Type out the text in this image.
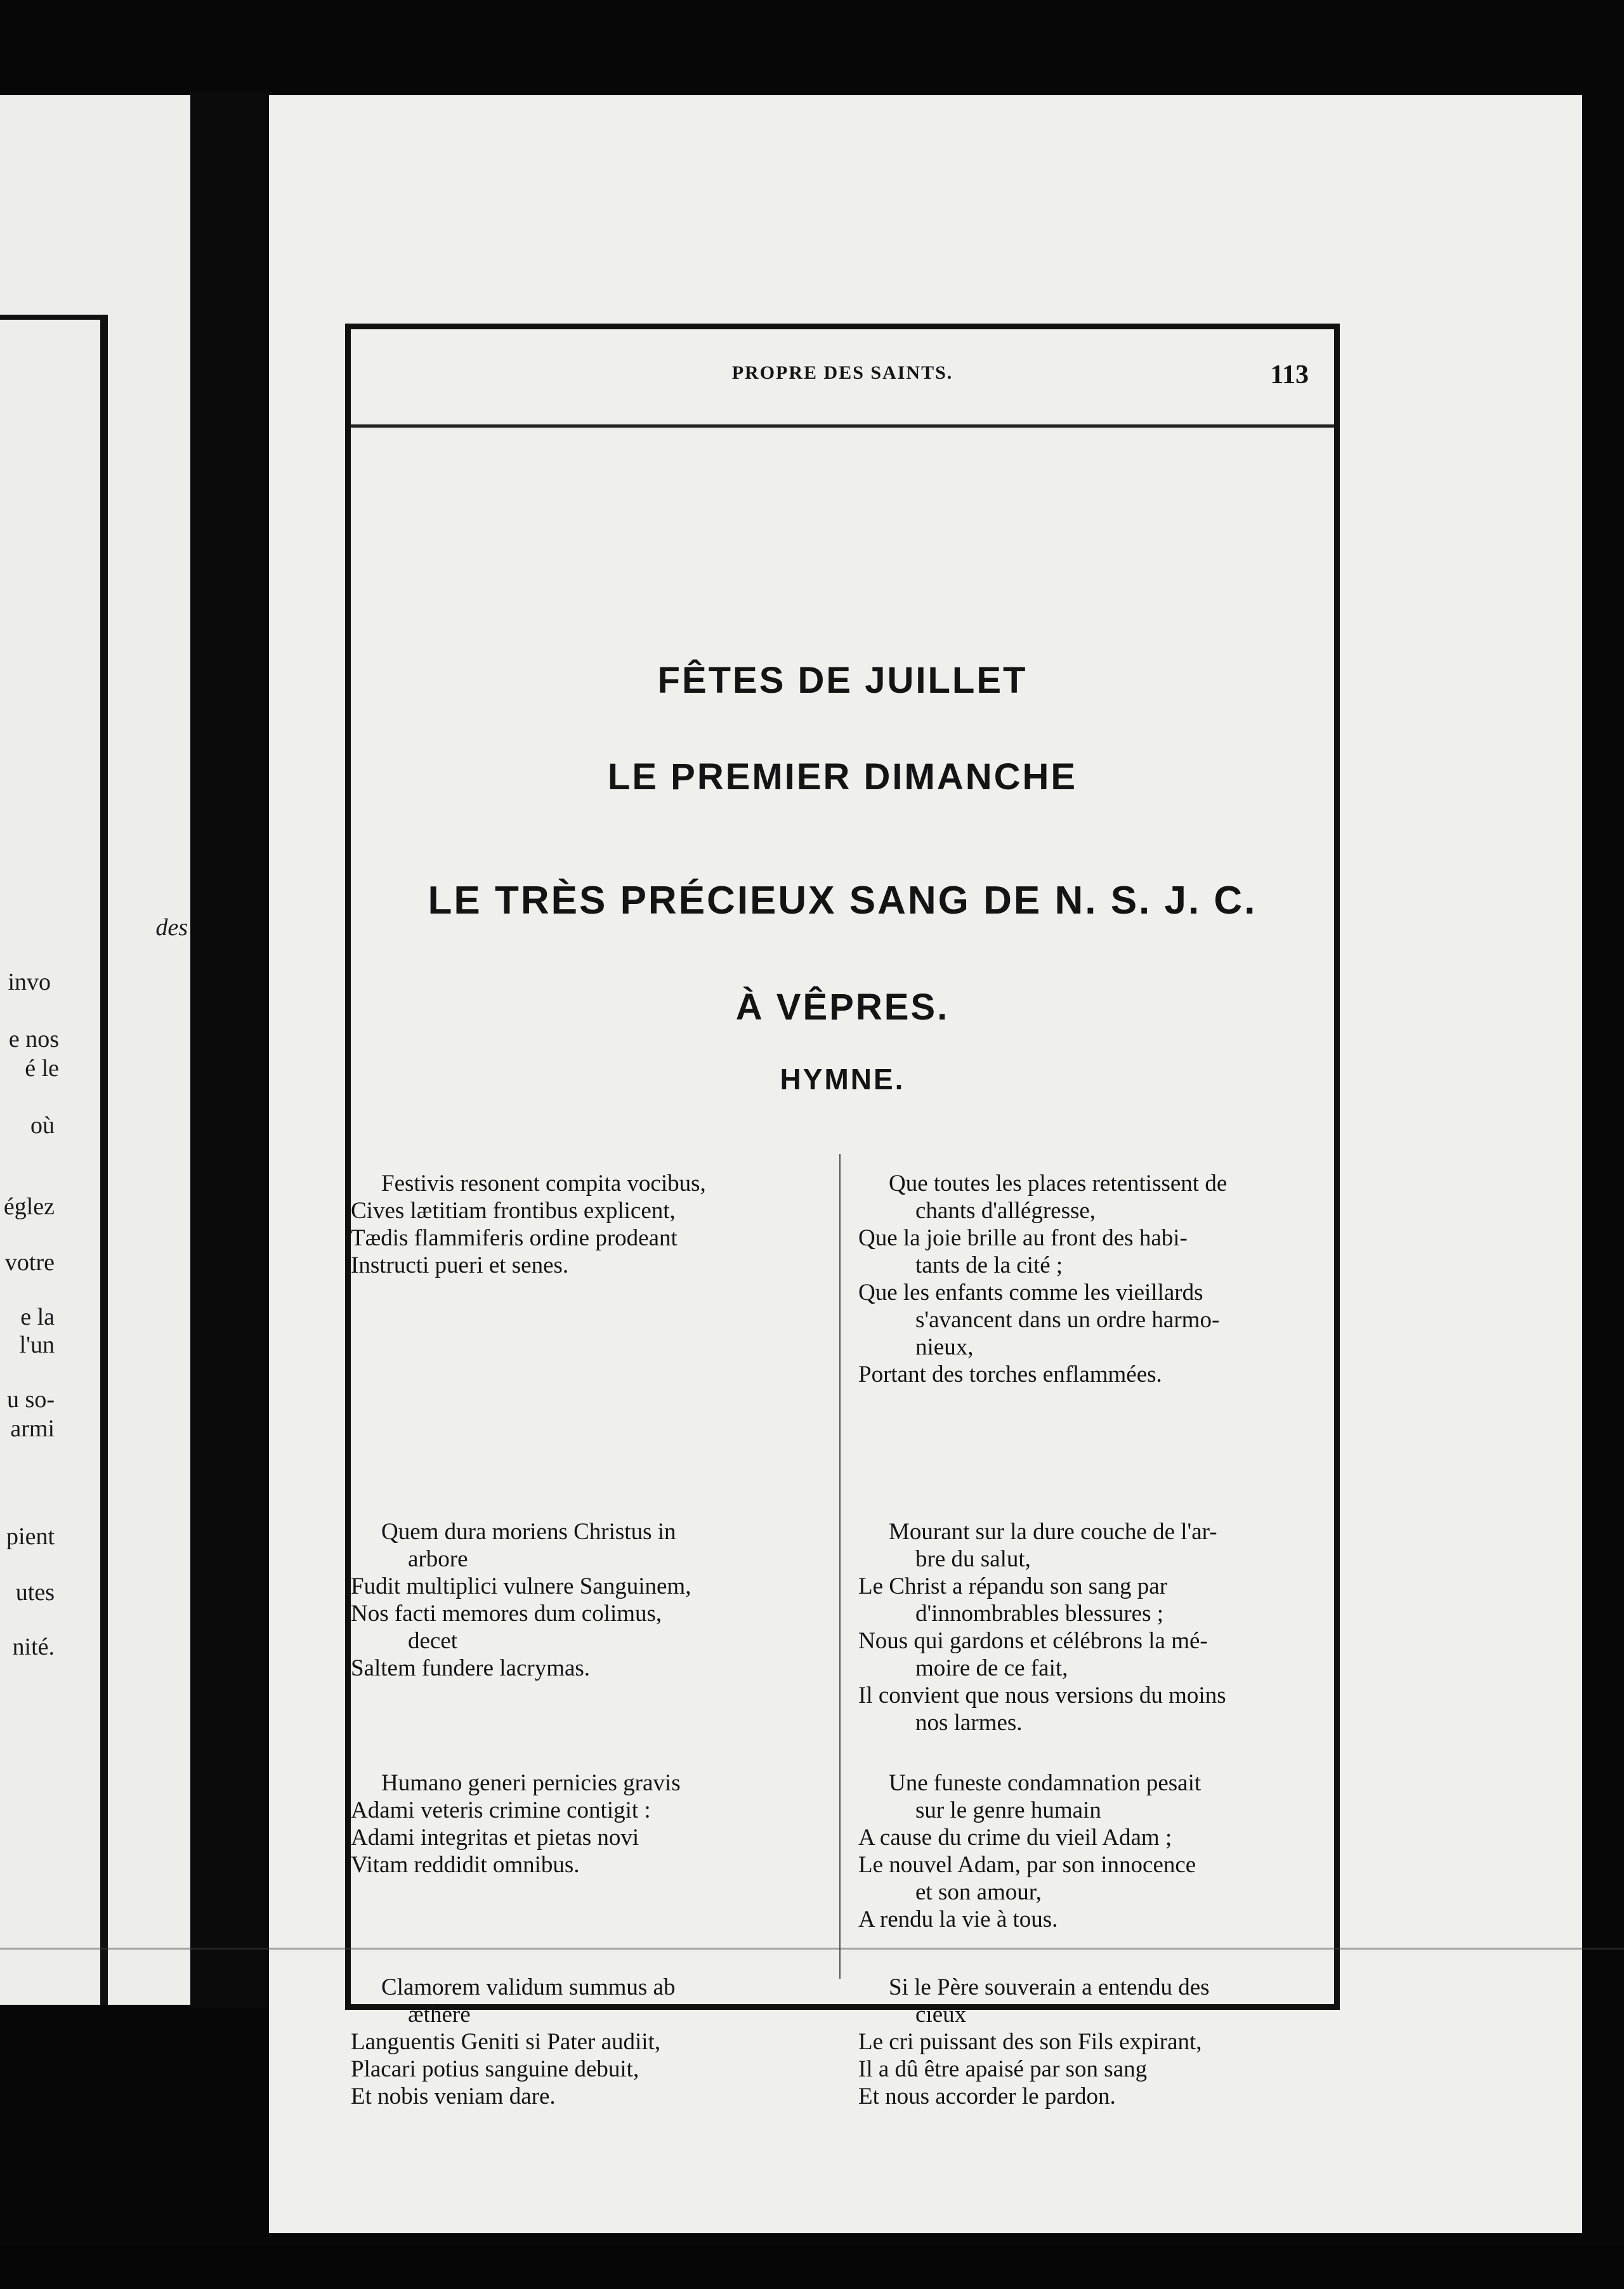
des
invo
e nos
é le
où
églez
votre
e la
l'un
u so-
armi
pient
utes
nité.
PROPRE DES SAINTS.	113
FÊTES DE JUILLET
LE PREMIER DIMANCHE
LE TRÈS PRÉCIEUX SANG DE N. S. J. C.
À VÊPRES.
HYMNE.
Festivis resonent compita vocibus,
Cives lætitiam frontibus explicent,
Tædis flammiferis ordine prodeant
Instructi pueri et senes.
Que toutes les places retentissent de
chants d'allégresse,
Que la joie brille au front des habi-
tants de la cité ;
Que les enfants comme les vieillards
s'avancent dans un ordre harmo-
nieux,
Portant des torches enflammées.
Quem dura moriens Christus in
arbore
Fudit multiplici vulnere Sanguinem,
Nos facti memores dum colimus,
decet
Saltem fundere lacrymas.
Mourant sur la dure couche de l'ar-
bre du salut,
Le Christ a répandu son sang par
d'innombrables blessures ;
Nous qui gardons et célébrons la mé-
moire de ce fait,
Il convient que nous versions du moins
nos larmes.
Humano generi pernicies gravis
Adami veteris crimine contigit :
Adami integritas et pietas novi
Vitam reddidit omnibus.
Une funeste condamnation pesait
sur le genre humain
A cause du crime du vieil Adam ;
Le nouvel Adam, par son innocence
et son amour,
A rendu la vie à tous.
Clamorem validum summus ab
æthere
Languentis Geniti si Pater audiit,
Placari potius sanguine debuit,
Et nobis veniam dare.
Si le Père souverain a entendu des
cieux
Le cri puissant des son Fils expirant,
Il a dû être apaisé par son sang
Et nous accorder le pardon.
